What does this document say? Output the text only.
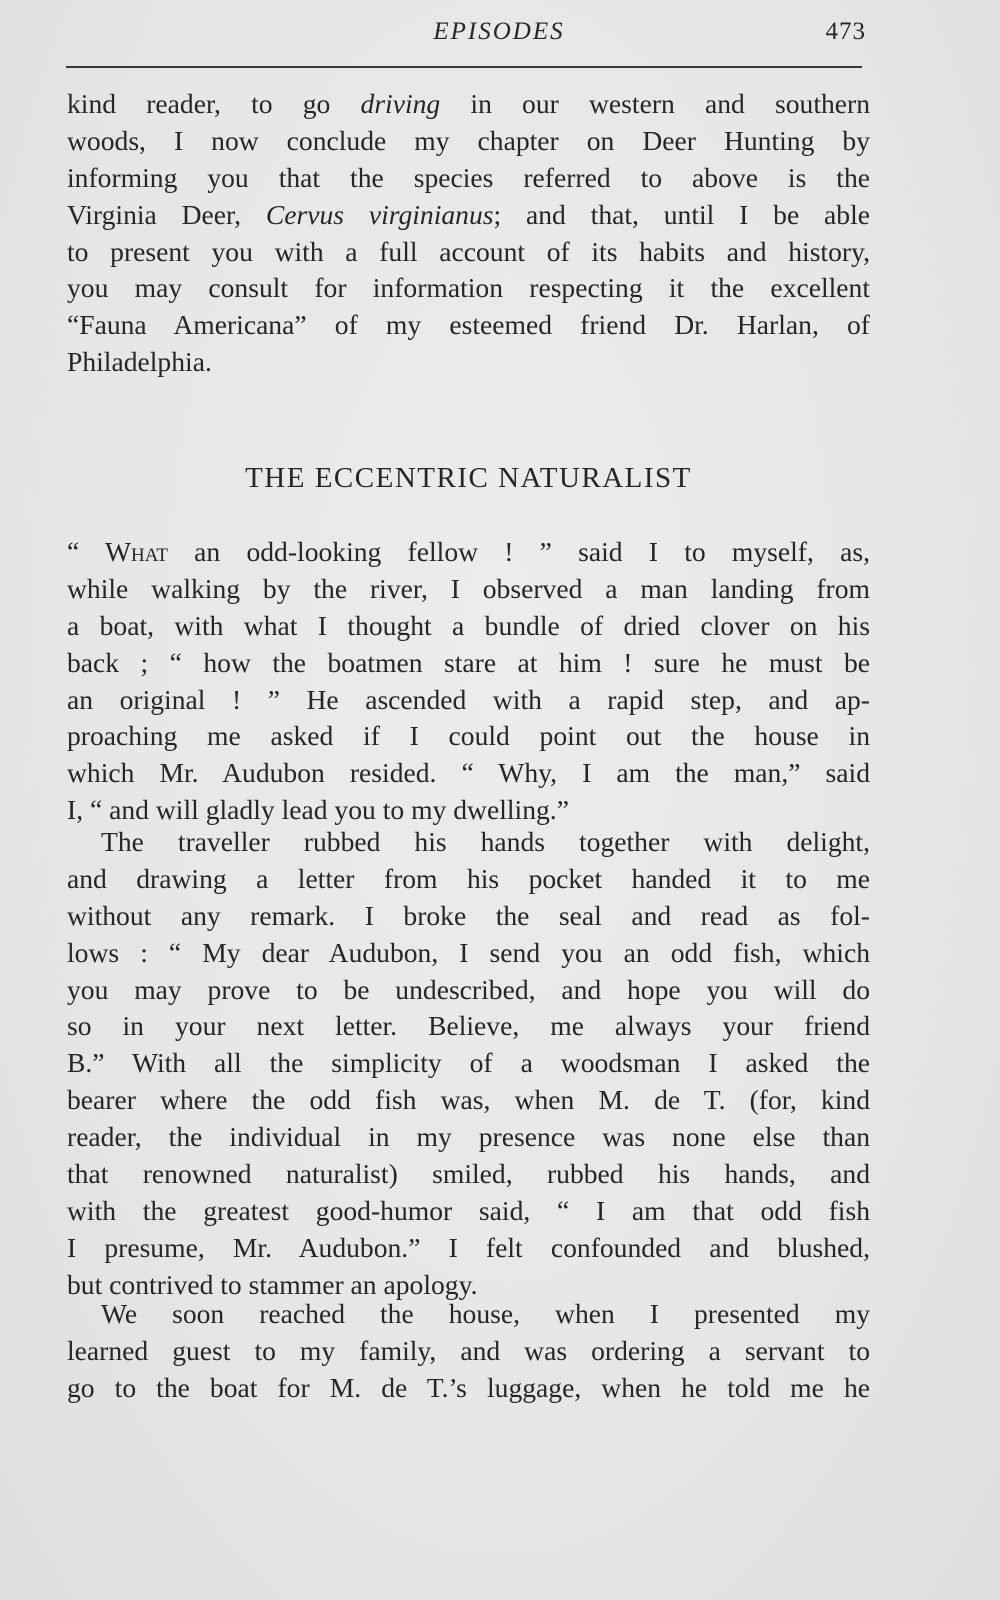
EPISODES	473
kind reader, to go driving in our western and southern
woods, I now conclude my chapter on Deer Hunting by
informing you that the species referred to above is the
Virginia Deer, Cervus virginianus; and that, until I be able
to present you with a full account of its habits and history,
you may consult for information respecting it the excellent
“Fauna Americana” of my esteemed friend Dr. Harlan, of
Philadelphia.
THE ECCENTRIC NATURALIST
“ What an odd-looking fellow ! ” said I to myself, as,
while walking by the river, I observed a man landing from
a boat, with what I thought a bundle of dried clover on his
back ; “ how the boatmen stare at him ! sure he must be
an original ! ” He ascended with a rapid step, and ap-
proaching me asked if I could point out the house in
which Mr. Audubon resided. “ Why, I am the man,” said
I, “ and will gladly lead you to my dwelling.”
The traveller rubbed his hands together with delight,
and drawing a letter from his pocket handed it to me
without any remark. I broke the seal and read as fol-
lows : “ My dear Audubon, I send you an odd fish, which
you may prove to be undescribed, and hope you will do
so in your next letter. Believe, me always your friend
B.” With all the simplicity of a woodsman I asked the
bearer where the odd fish was, when M. de T. (for, kind
reader, the individual in my presence was none else than
that renowned naturalist) smiled, rubbed his hands, and
with the greatest good-humor said, “ I am that odd fish
I presume, Mr. Audubon.” I felt confounded and blushed,
but contrived to stammer an apology.
We soon reached the house, when I presented my
learned guest to my family, and was ordering a servant to
go to the boat for M. de T.’s luggage, when he told me he
